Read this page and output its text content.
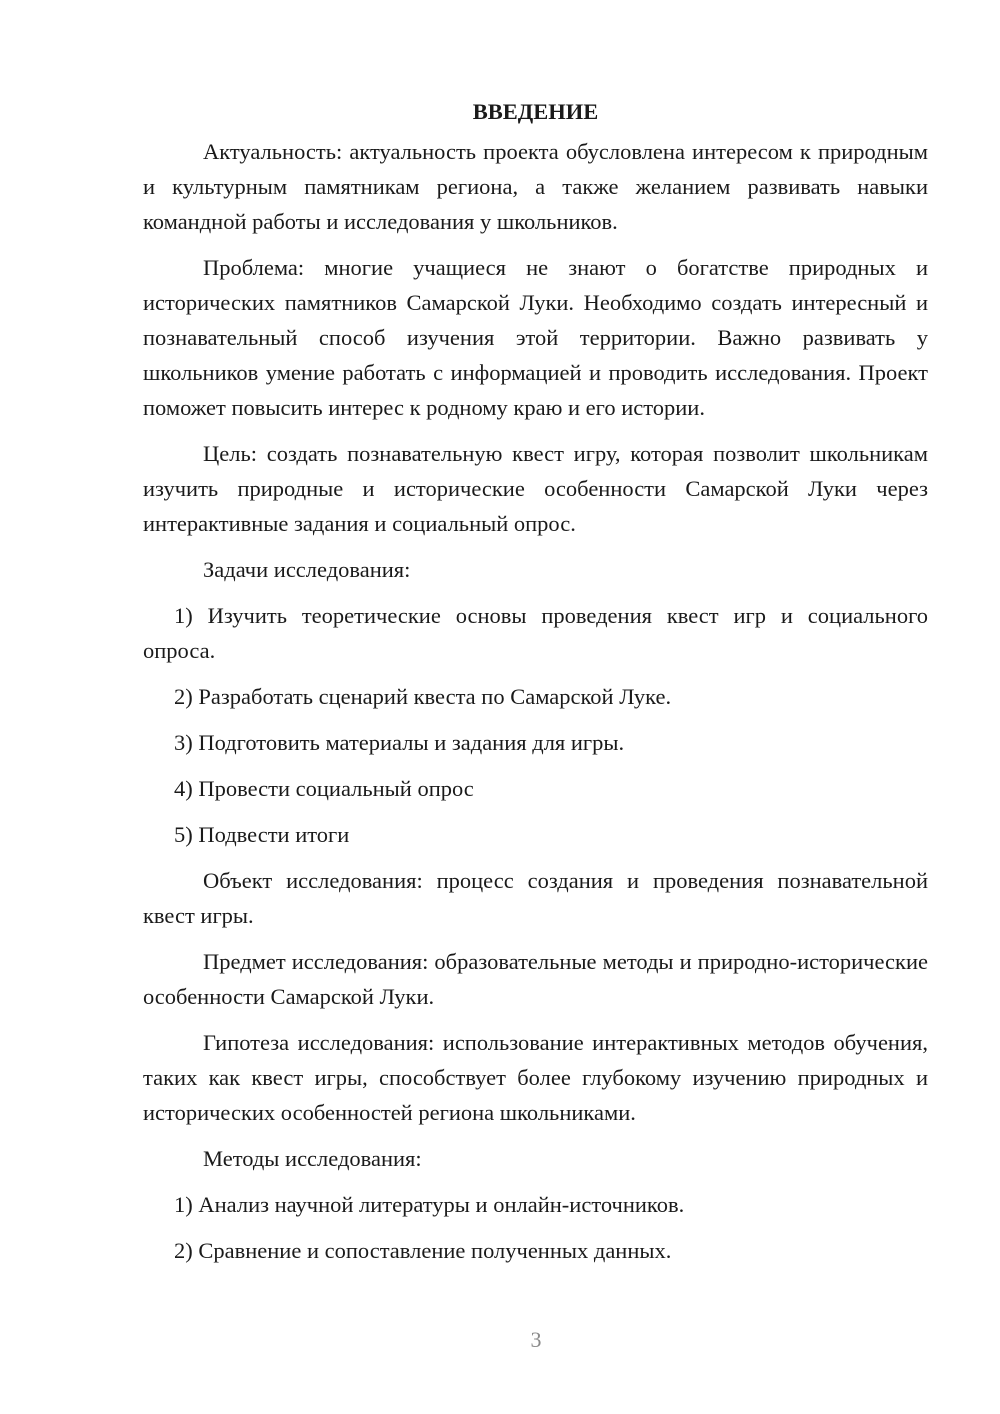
ВВЕДЕНИЕ

Актуальность: актуальность проекта обусловлена интересом к природным и культурным памятникам региона, а также желанием развивать навыки командной работы и исследования у школьников.

Проблема: многие учащиеся не знают о богатстве природных и исторических памятников Самарской Луки. Необходимо создать интересный и познавательный способ изучения этой территории. Важно развивать у школьников умение работать с информацией и проводить исследования. Проект поможет повысить интерес к родному краю и его истории.

Цель: создать познавательную квест игру, которая позволит школьникам изучить природные и исторические особенности Самарской Луки через интерактивные задания и социальный опрос.

Задачи исследования:

1) Изучить теоретические основы проведения квест игр и социального опроса.

2) Разработать сценарий квеста по Самарской Луке.

3) Подготовить материалы и задания для игры.

4) Провести социальный опрос

5) Подвести итоги

Объект исследования: процесс создания и проведения познавательной квест игры.

Предмет исследования: образовательные методы и природно-исторические особенности Самарской Луки.

Гипотеза исследования: использование интерактивных методов обучения, таких как квест игры, способствует более глубокому изучению природных и исторических особенностей региона школьниками.

Методы исследования:

1) Анализ научной литературы и онлайн-источников.

2) Сравнение и сопоставление полученных данных.

3
